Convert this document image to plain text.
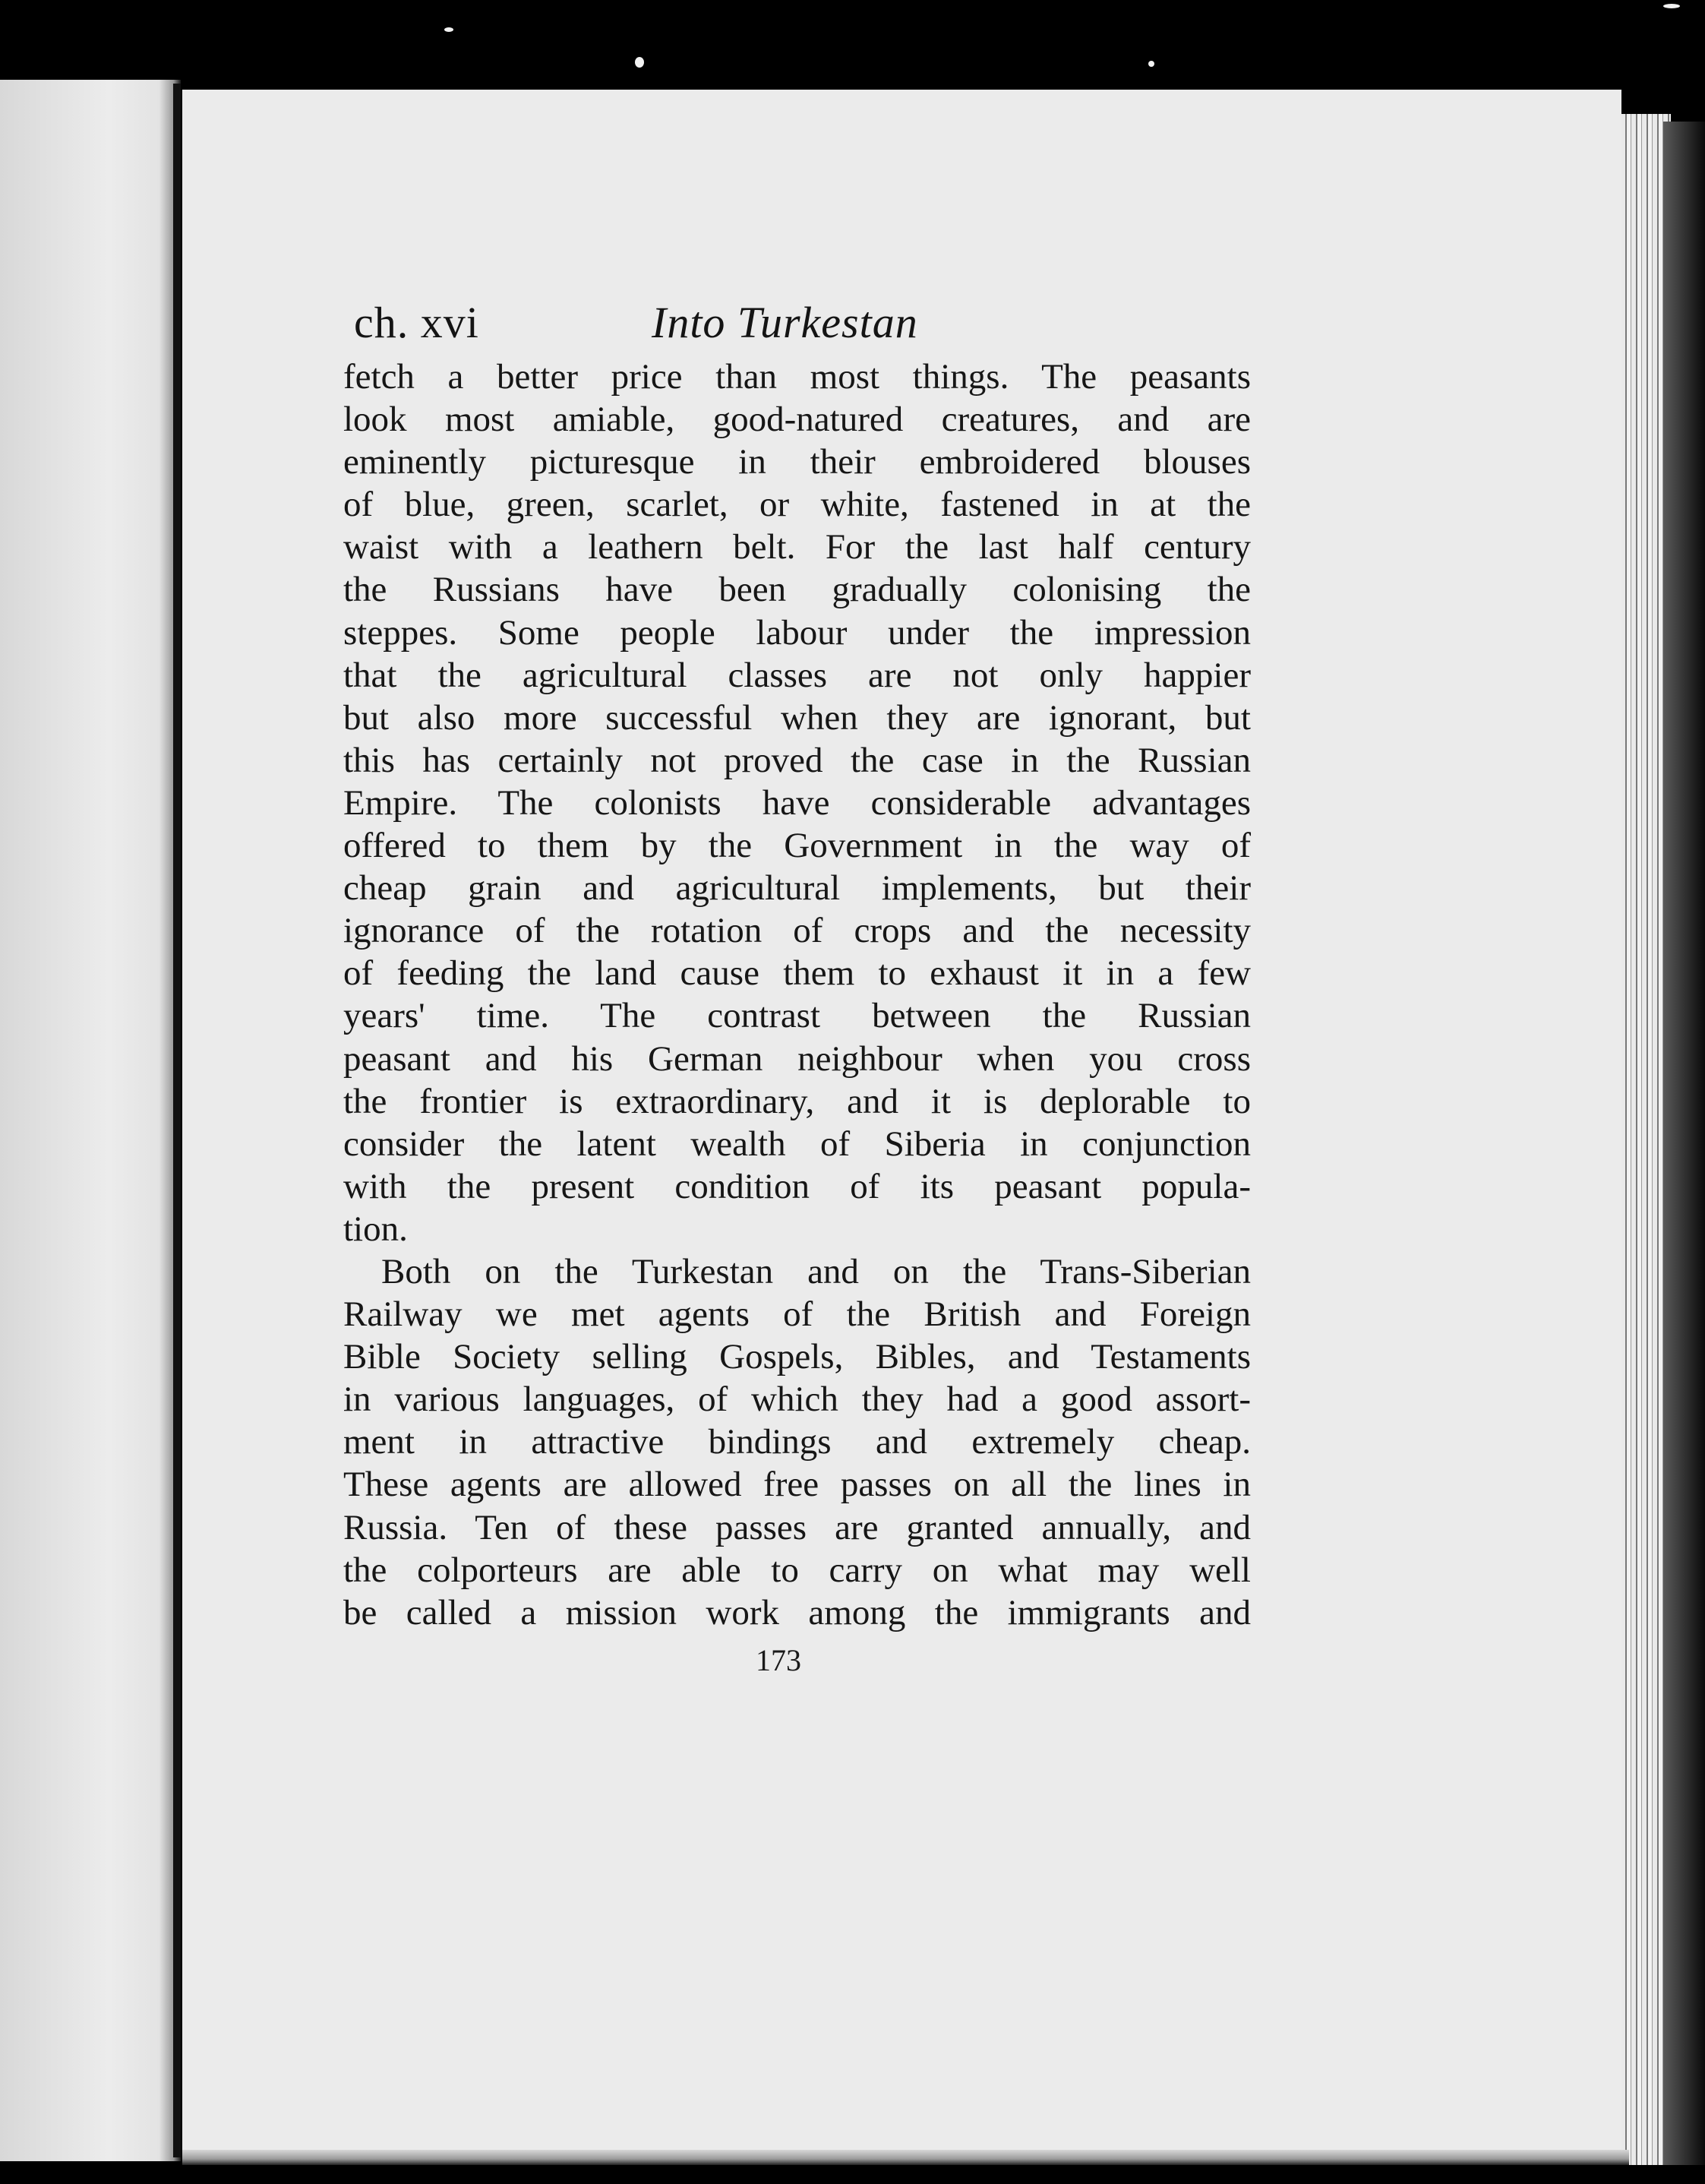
ch. xvi	Into Turkestan
fetch a better price than most things. The peasants
look most amiable, good-natured creatures, and are
eminently picturesque in their embroidered blouses
of blue, green, scarlet, or white, fastened in at the
waist with a leathern belt. For the last half century
the Russians have been gradually colonising the
steppes. Some people labour under the impression
that the agricultural classes are not only happier
but also more successful when they are ignorant, but
this has certainly not proved the case in the Russian
Empire. The colonists have considerable advantages
offered to them by the Government in the way of
cheap grain and agricultural implements, but their
ignorance of the rotation of crops and the necessity
of feeding the land cause them to exhaust it in a few
years' time. The contrast between the Russian
peasant and his German neighbour when you cross
the frontier is extraordinary, and it is deplorable to
consider the latent wealth of Siberia in conjunction
with the present condition of its peasant popula-
tion.
Both on the Turkestan and on the Trans-Siberian
Railway we met agents of the British and Foreign
Bible Society selling Gospels, Bibles, and Testaments
in various languages, of which they had a good assort-
ment in attractive bindings and extremely cheap.
These agents are allowed free passes on all the lines in
Russia. Ten of these passes are granted annually, and
the colporteurs are able to carry on what may well
be called a mission work among the immigrants and
173
